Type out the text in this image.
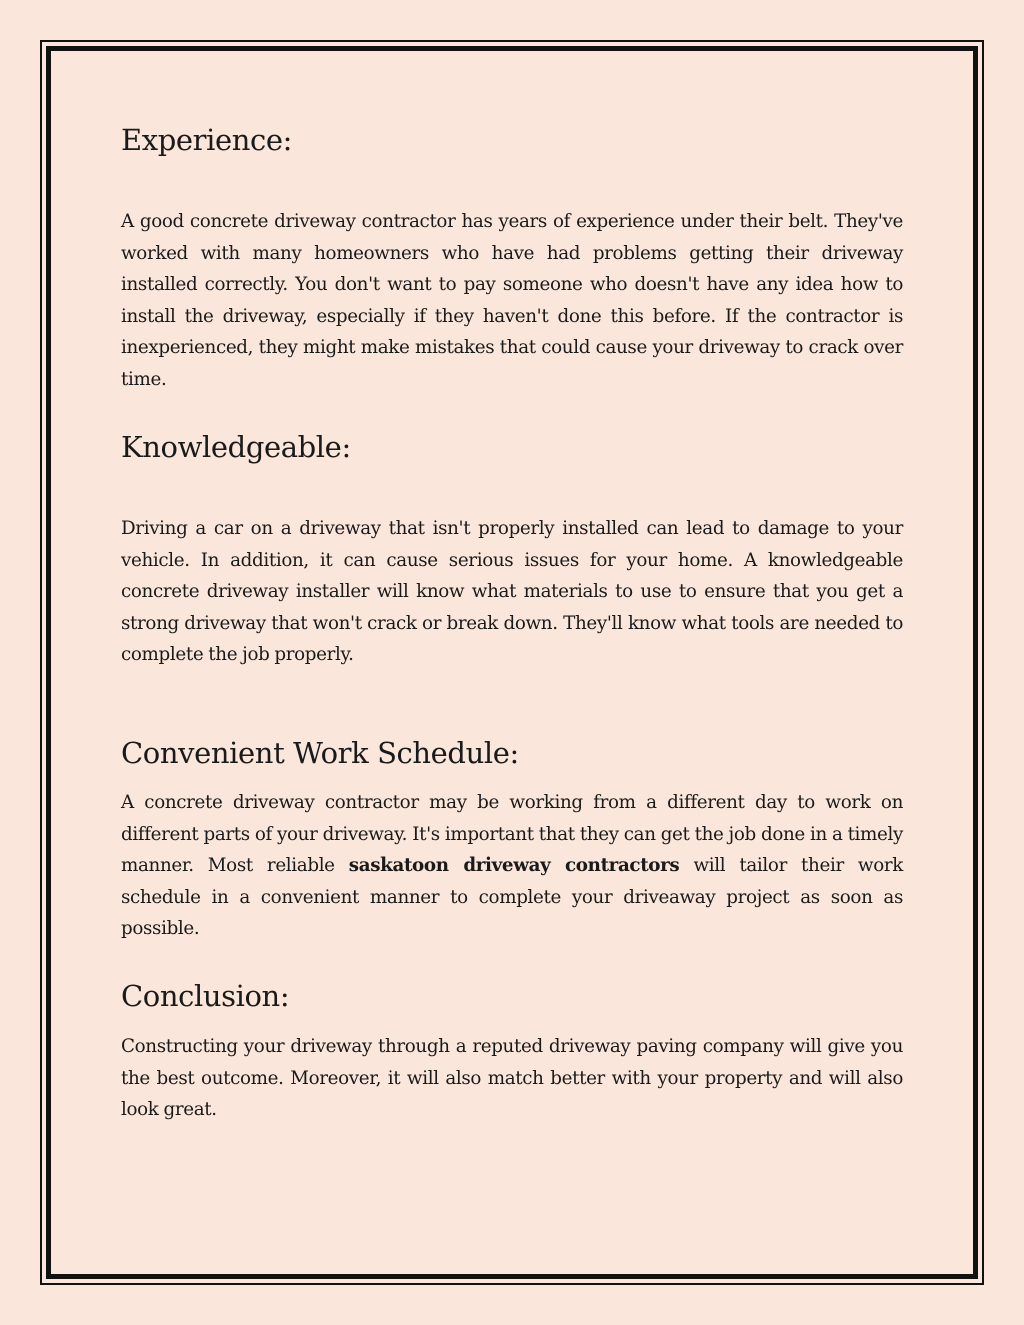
Experience:

A good concrete driveway contractor has years of experience under their belt. They've worked with many homeowners who have had problems getting their driveway installed correctly. You don't want to pay someone who doesn't have any idea how to install the driveway, especially if they haven't done this before. If the contractor is inexperienced, they might make mistakes that could cause your driveway to crack over time.

Knowledgeable:

Driving a car on a driveway that isn't properly installed can lead to damage to your vehicle. In addition, it can cause serious issues for your home. A knowledgeable concrete driveway installer will know what materials to use to ensure that you get a strong driveway that won't crack or break down. They'll know what tools are needed to complete the job properly.

Convenient Work Schedule:

A concrete driveway contractor may be working from a different day to work on different parts of your driveway. It's important that they can get the job done in a timely manner. Most reliable saskatoon driveway contractors will tailor their work schedule in a convenient manner to complete your driveaway project as soon as possible.

Conclusion:

Constructing your driveway through a reputed driveway paving company will give you the best outcome. Moreover, it will also match better with your property and will also look great.
